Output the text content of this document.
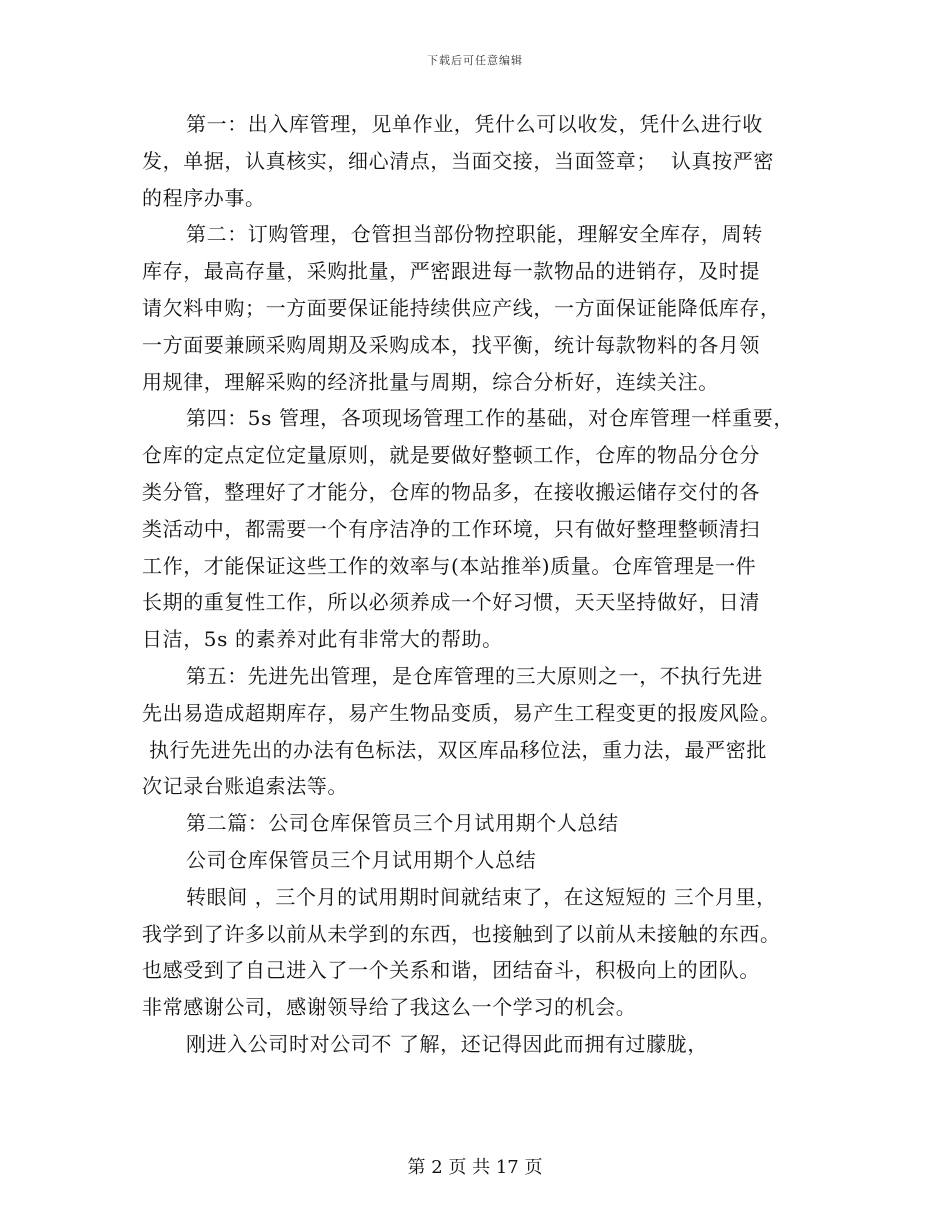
下载后可任意编辑
第一：出入库管理，见单作业，凭什么可以收发，凭什么进行收
发，单据，认真核实，细心清点，当面交接，当面签章；  认真按严密
的程序办事。
第二：订购管理，仓管担当部份物控职能，理解安全库存，周转
库存，最高存量，采购批量，严密跟进每一款物品的进销存，及时提
请欠料申购；一方面要保证能持续供应产线，一方面保证能降低库存，
一方面要兼顾采购周期及采购成本，找平衡，统计每款物料的各月领
用规律，理解采购的经济批量与周期，综合分析好，连续关注。
第四：5s 管理，各项现场管理工作的基础，对仓库管理一样重要，
仓库的定点定位定量原则，就是要做好整顿工作，仓库的物品分仓分
类分管，整理好了才能分，仓库的物品多，在接收搬运储存交付的各
类活动中，都需要一个有序洁净的工作环境，只有做好整理整顿清扫
工作，才能保证这些工作的效率与(本站推举)质量。仓库管理是一件
长期的重复性工作，所以必须养成一个好习惯，天天坚持做好，日清
日洁，5s 的素养对此有非常大的帮助。
第五：先进先出管理，是仓库管理的三大原则之一，不执行先进
先出易造成超期库存，易产生物品变质，易产生工程变更的报废风险。
执行先进先出的办法有色标法，双区库品移位法，重力法，最严密批
次记录台账追索法等。
第二篇：公司仓库保管员三个月试用期个人总结
公司仓库保管员三个月试用期个人总结
转眼间 ，三个月的试用期时间就结束了，在这短短的 三个月里，
我学到了许多以前从未学到的东西，也接触到了以前从未接触的东西。
也感受到了自己进入了一个关系和谐，团结奋斗，积极向上的团队。
非常感谢公司，感谢领导给了我这么一个学习的机会。
刚进入公司时对公司不 了解，还记得因此而拥有过朦胧，
第 2 页 共 17 页
